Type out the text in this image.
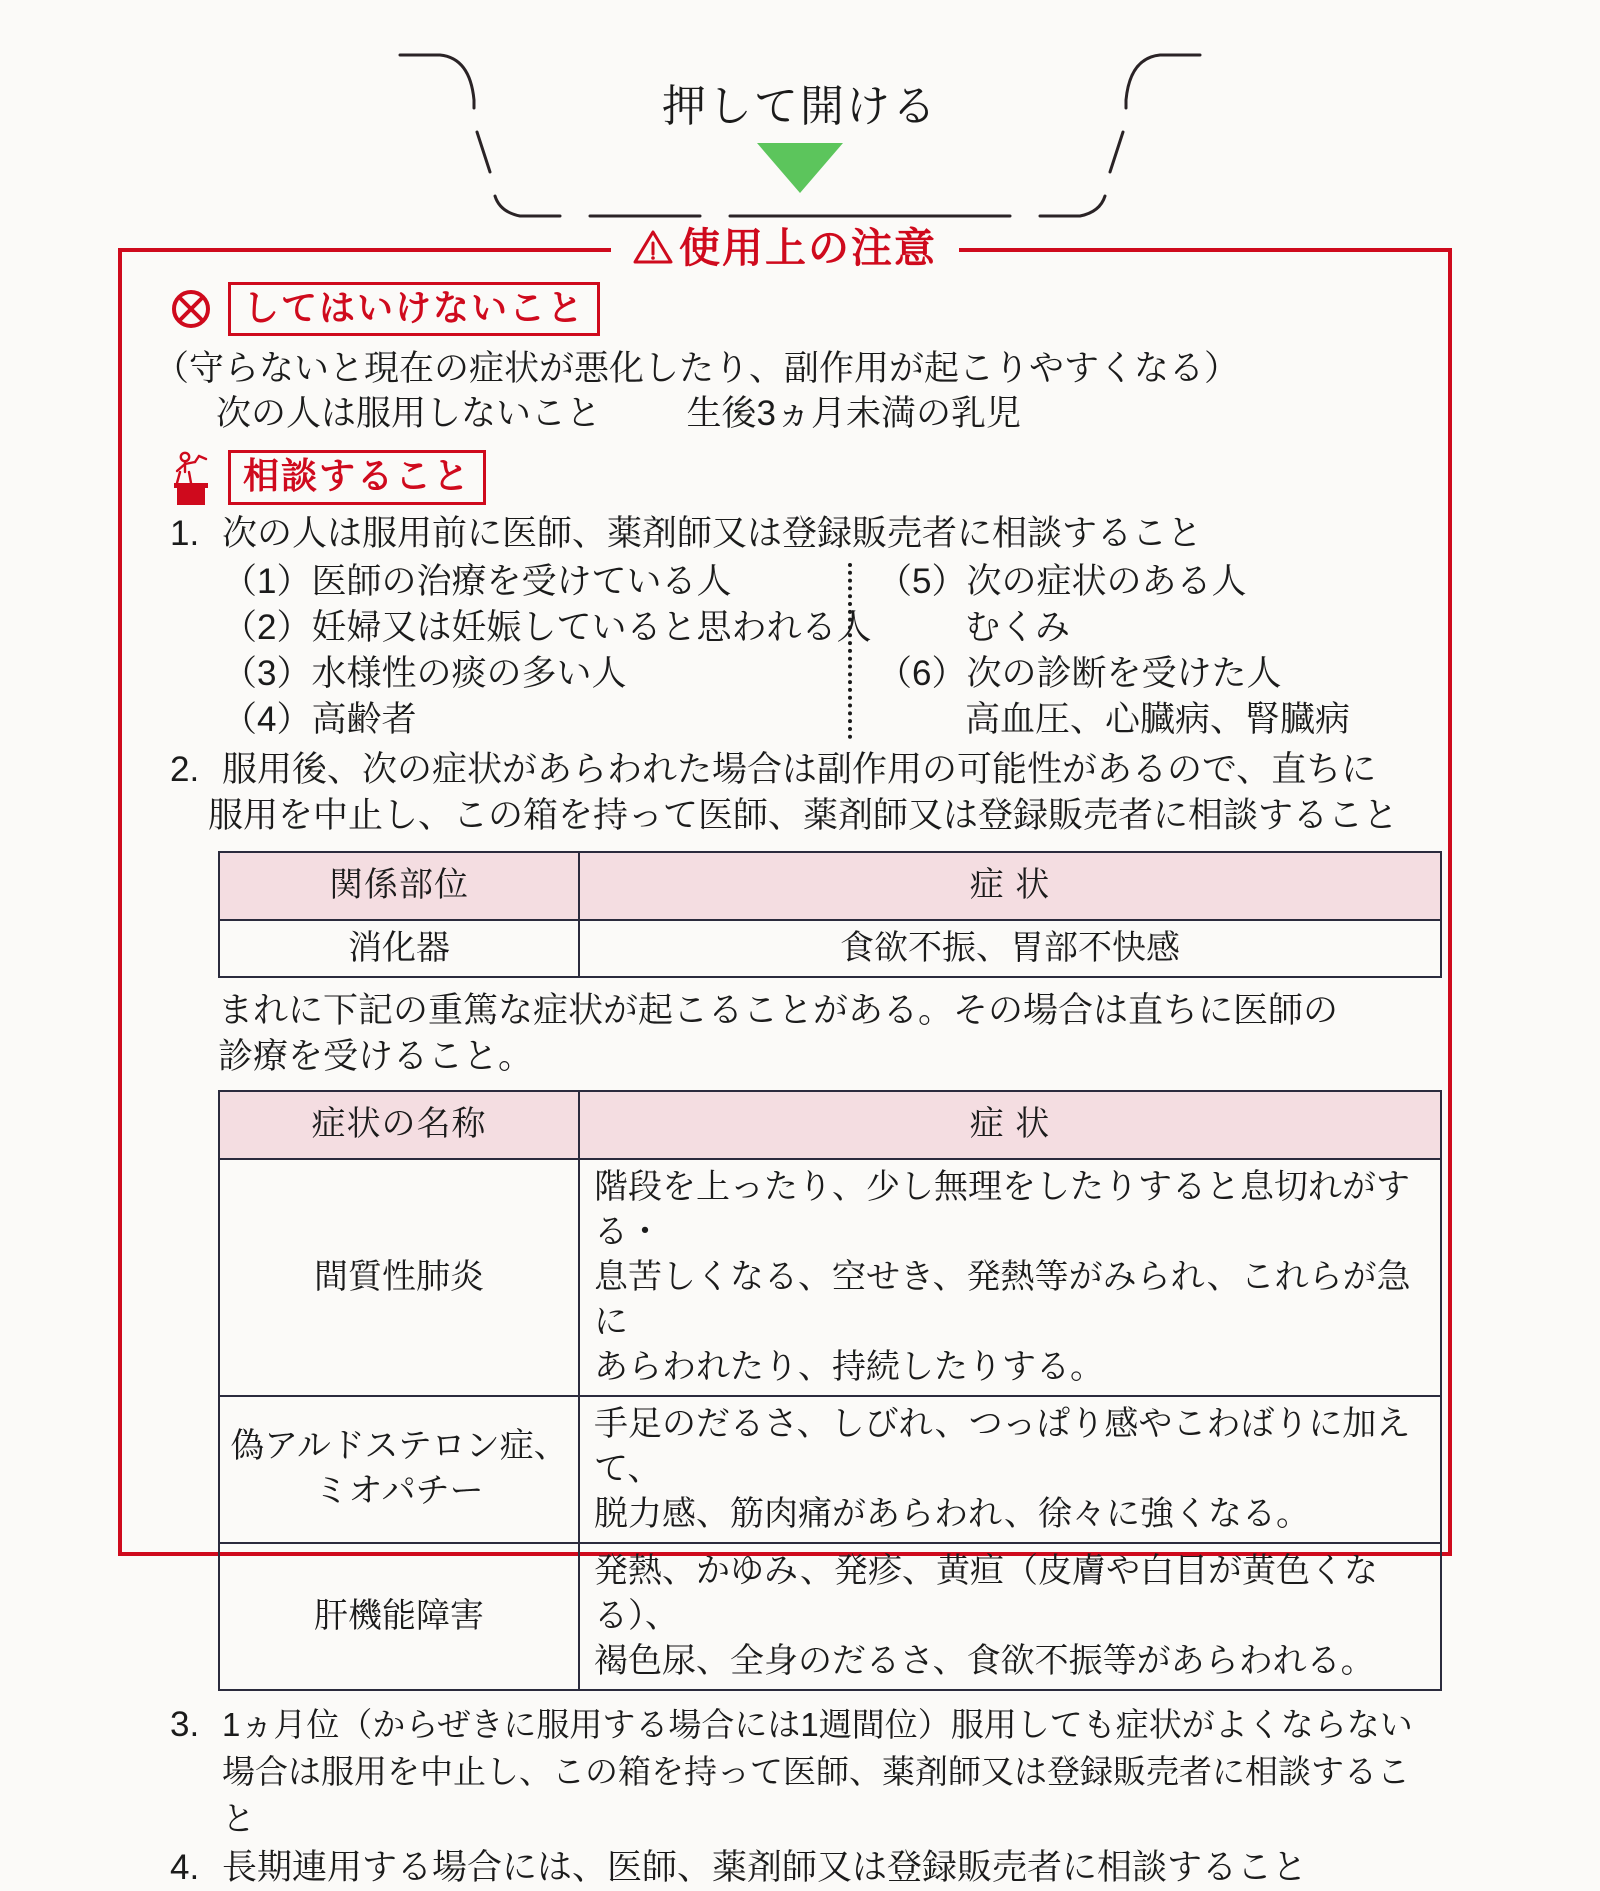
押して開ける
してはいけないこと
（守らないと現在の症状が悪化したり、副作用が起こりやすくなる）
次の人は服用しないこと 生後3ヵ月未満の乳児
相談すること
1. 次の人は服用前に医師、薬剤師又は登録販売者に相談すること
（1）医師の治療を受けている人
（2）妊婦又は妊娠していると思われる人
（3）水様性の痰の多い人
（4）高齢者
（5）次の症状のある人
むくみ
（6）次の診断を受けた人
高血圧、心臓病、腎臓病
2. 服用後、次の症状があらわれた場合は副作用の可能性があるので、直ちに
服用を中止し、この箱を持って医師、薬剤師又は登録販売者に相談すること
関係部位	症 状
消化器	食欲不振、胃部不快感
まれに下記の重篤な症状が起こることがある。その場合は直ちに医師の
診療を受けること。
症状の名称	症 状

間質性肺炎	階段を上ったり、少し無理をしたりすると息切れがする・
息苦しくなる、空せき、発熱等がみられ、これらが急に
あらわれたり、持続したりする。

偽アルドステロン症、
ミオパチー	手足のだるさ、しびれ、つっぱり感やこわばりに加えて、
脱力感、筋肉痛があらわれ、徐々に強くなる。

肝機能障害	発熱、かゆみ、発疹、黄疸（皮膚や白目が黄色くなる）、
褐色尿、全身のだるさ、食欲不振等があらわれる。
3. 1ヵ月位（からぜきに服用する場合には1週間位）服用しても症状がよくならない
場合は服用を中止し、この箱を持って医師、薬剤師又は登録販売者に相談すること
4. 長期連用する場合には、医師、薬剤師又は登録販売者に相談すること
使用上の注意
